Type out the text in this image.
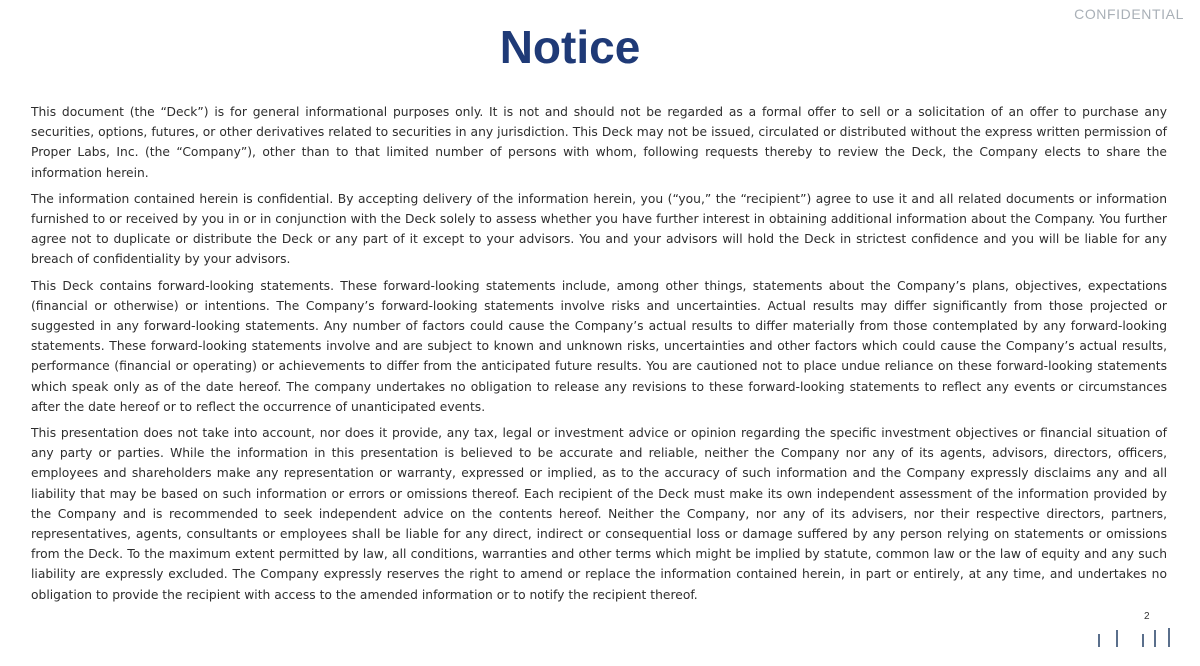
CONFIDENTIAL
Notice

This document (the “Deck”) is for general informational purposes only. It is not and should not be regarded as a formal offer to sell or a solicitation of an offer to purchase any securities, options, futures, or other derivatives related to securities in any jurisdiction. This Deck may not be issued, circulated or distributed without the express written permission of Proper Labs, Inc. (the “Company”), other than to that limited number of persons with whom, following requests thereby to review the Deck, the Company elects to share the information herein.

The information contained herein is confidential. By accepting delivery of the information herein, you (“you,” the “recipient”) agree to use it and all related documents or information furnished to or received by you in or in conjunction with the Deck solely to assess whether you have further interest in obtaining additional information about the Company. You further agree not to duplicate or distribute the Deck or any part of it except to your advisors. You and your advisors will hold the Deck in strictest confidence and you will be liable for any breach of confidentiality by your advisors.

This Deck contains forward-looking statements. These forward-looking statements include, among other things, statements about the Company’s plans, objectives, expectations (financial or otherwise) or intentions. The Company’s forward-looking statements involve risks and uncertainties. Actual results may differ significantly from those projected or suggested in any forward-looking statements. Any number of factors could cause the Company’s actual results to differ materially from those contemplated by any forward-looking statements. These forward-looking statements involve and are subject to known and unknown risks, uncertainties and other factors which could cause the Company’s actual results, performance (financial or operating) or achievements to differ from the anticipated future results. You are cautioned not to place undue reliance on these forward-looking statements which speak only as of the date hereof. The company undertakes no obligation to release any revisions to these forward-looking statements to reflect any events or circumstances after the date hereof or to reflect the occurrence of unanticipated events.

This presentation does not take into account, nor does it provide, any tax, legal or investment advice or opinion regarding the specific investment objectives or financial situation of any party or parties. While the information in this presentation is believed to be accurate and reliable, neither the Company nor any of its agents, advisors, directors, officers, employees and shareholders make any representation or warranty, expressed or implied, as to the accuracy of such information and the Company expressly disclaims any and all liability that may be based on such information or errors or omissions thereof. Each recipient of the Deck must make its own independent assessment of the information provided by the Company and is recommended to seek independent advice on the contents hereof. Neither the Company, nor any of its advisers, nor their respective directors, partners, representatives, agents, consultants or employees shall be liable for any direct, indirect or consequential loss or damage suffered by any person relying on statements or omissions from the Deck. To the maximum extent permitted by law, all conditions, warranties and other terms which might be implied by statute, common law or the law of equity and any such liability are expressly excluded. The Company expressly reserves the right to amend or replace the information contained herein, in part or entirely, at any time, and undertakes no obligation to provide the recipient with access to the amended information or to notify the recipient thereof.

2
